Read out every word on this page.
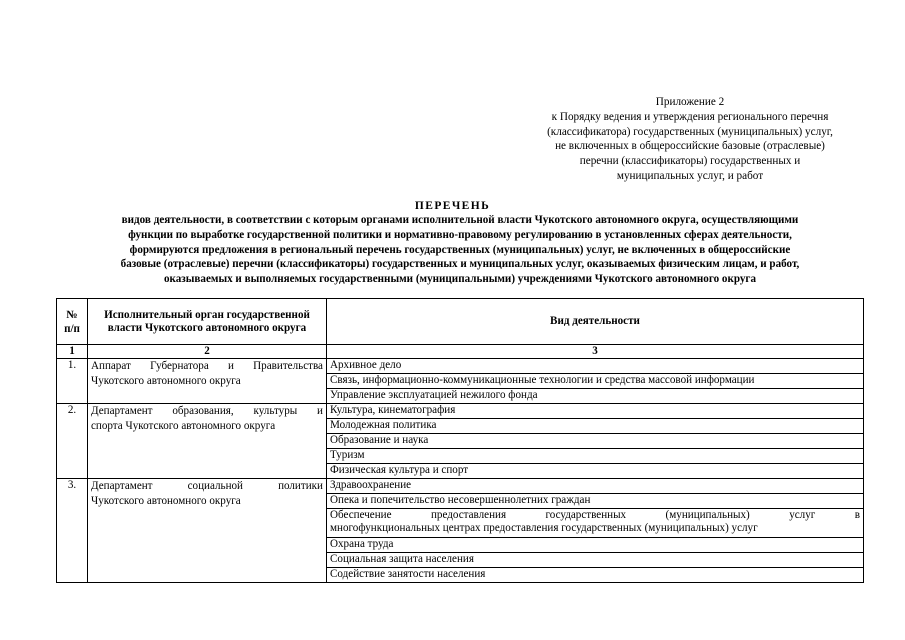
Приложение 2
к Порядку ведения и утверждения регионального перечня
(классификатора) государственных (муниципальных) услуг,
не включенных в общероссийские базовые (отраслевые)
перечни (классификаторы) государственных и
муниципальных услуг, и работ
ПЕРЕЧЕНЬ
видов деятельности, в соответствии с которым органами исполнительной власти Чукотского автономного округа, осуществляющими
функции по выработке государственной политики и нормативно-правовому регулированию в установленных сферах деятельности,
формируются предложения в региональный перечень государственных (муниципальных) услуг, не включенных в общероссийские
базовые (отраслевые) перечни (классификаторы) государственных и муниципальных услуг, оказываемых физическим лицам, и работ,
оказываемых и выполняемых государственными (муниципальными) учреждениями Чукотского автономного округа
№
п/п	Исполнительный орган государственной власти Чукотского автономного округа	Вид деятельности
1	2	3
1.	Аппарат Губернатора и Правительства
Чукотского автономного округа	Архивное дело
		Связь, информационно-коммуникационные технологии и средства массовой информации
		Управление эксплуатацией нежилого фонда
2.	Департамент образования, культуры и
спорта Чукотского автономного округа	Культура, кинематография
		Молодежная политика
		Образование и наука
		Туризм
		Физическая культура и спорт
3.	Департамент социальной политики
Чукотского автономного округа	Здравоохранение
		Опека и попечительство несовершеннолетних граждан

		Обеспечение предоставления государственных (муниципальных) услуг в
многофункциональных центрах предоставления государственных (муниципальных) услуг
		Охрана труда
		Социальная защита населения
		Содействие занятости населения
